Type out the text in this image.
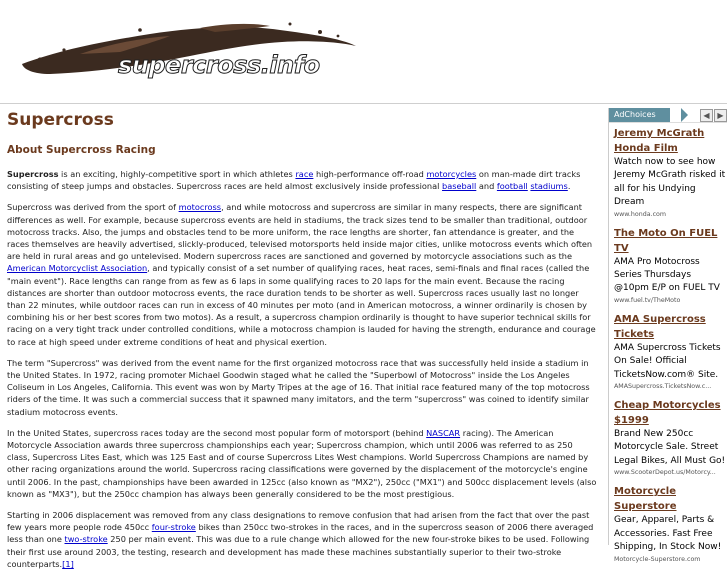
supercross.info
Supercross
About Supercross Racing

Supercross is an exciting, highly-competitive sport in which athletes race high-performance off-road motorcycles on man-made dirt tracks consisting of steep jumps and obstacles. Supercross races are held almost exclusively inside professional baseball and football stadiums.

Supercross was derived from the sport of motocross, and while motocross and supercross are similar in many respects, there are significant differences as well. For example, because supercross events are held in stadiums, the track sizes tend to be smaller than traditional, outdoor motocross tracks. Also, the jumps and obstacles tend to be more uniform, the race lengths are shorter, fan attendance is greater, and the races themselves are heavily advertised, slickly-produced, televised motorsports held inside major cities, unlike motocross events which often are held in rural areas and go untelevised. Modern supercross races are sanctioned and governed by motorcycle associations such as the American Motorcyclist Association, and typically consist of a set number of qualifying races, heat races, semi-finals and final races (called the "main event"). Race lengths can range from as few as 6 laps in some qualifying races to 20 laps for the main event. Because the racing distances are shorter than outdoor motocross events, the race duration tends to be shorter as well. Supercross races usually last no longer than 22 minutes, while outdoor races can run in excess of 40 minutes per moto (and in American motocross, a winner ordinarily is chosen by combining his or her best scores from two motos). As a result, a supercross champion ordinarily is thought to have superior technical skills for racing on a very tight track under controlled conditions, while a motocross champion is lauded for having the strength, endurance and courage to race at high speed under extreme conditions of heat and physical exertion.

The term "Supercross" was derived from the event name for the first organized motocross race that was successfully held inside a stadium in the United States. In 1972, racing promoter Michael Goodwin staged what he called the "Superbowl of Motocross" inside the Los Angeles Coliseum in Los Angeles, California. This event was won by Marty Tripes at the age of 16. That initial race featured many of the top motocross riders of the time. It was such a commercial success that it spawned many imitators, and the term "supercross" was coined to identify similar stadium motocross events.

In the United States, supercross races today are the second most popular form of motorsport (behind NASCAR racing). The American Motorcycle Association awards three supercross championships each year; Supercross champion, which until 2006 was referred to as 250 class, Supercross Lites East, which was 125 East and of course Supercross Lites West champions. World Supercross Champions are named by other racing organizations around the world. Supercross racing classifications were governed by the displacement of the motorcycle's engine until 2006. In the past, championships have been awarded in 125cc (also known as "MX2"), 250cc ("MX1") and 500cc displacement levels (also known as "MX3"), but the 250cc champion has always been generally considered to be the most prestigious.

Starting in 2006 displacement was removed from any class designations to remove confusion that had arisen from the fact that over the past few years more people rode 450cc four-stroke bikes than 250cc two-strokes in the races, and in the supercross season of 2006 there averaged less than one two-stroke 250 per main event. This was due to a rule change which allowed for the new four-stroke bikes to be used. Following their first use around 2003, the testing, research and development has made these machines substantially superior to their two-stroke counterparts.[1]

AdChoices	◀ ▶
Jeremy McGrath Honda Film
Watch now to see how Jeremy McGrath risked it all for his Undying Dream
www.honda.com
The Moto On FUEL TV
AMA Pro Motocross Series Thursdays @10pm E/P on FUEL TV
www.fuel.tv/TheMoto
AMA Supercross Tickets
AMA Supercross Tickets On Sale! Official TicketsNow.com® Site.
AMASupercross.TicketsNow.c...
Cheap Motorcycles $1999
Brand New 250cc Motorcycle Sale. Street Legal Bikes, All Must Go!
www.ScooterDepot.us/Motorcy...
Motorcycle Superstore
Gear, Apparel, Parts & Accessories. Fast Free Shipping, In Stock Now!
Motorcycle-Superstore.com
